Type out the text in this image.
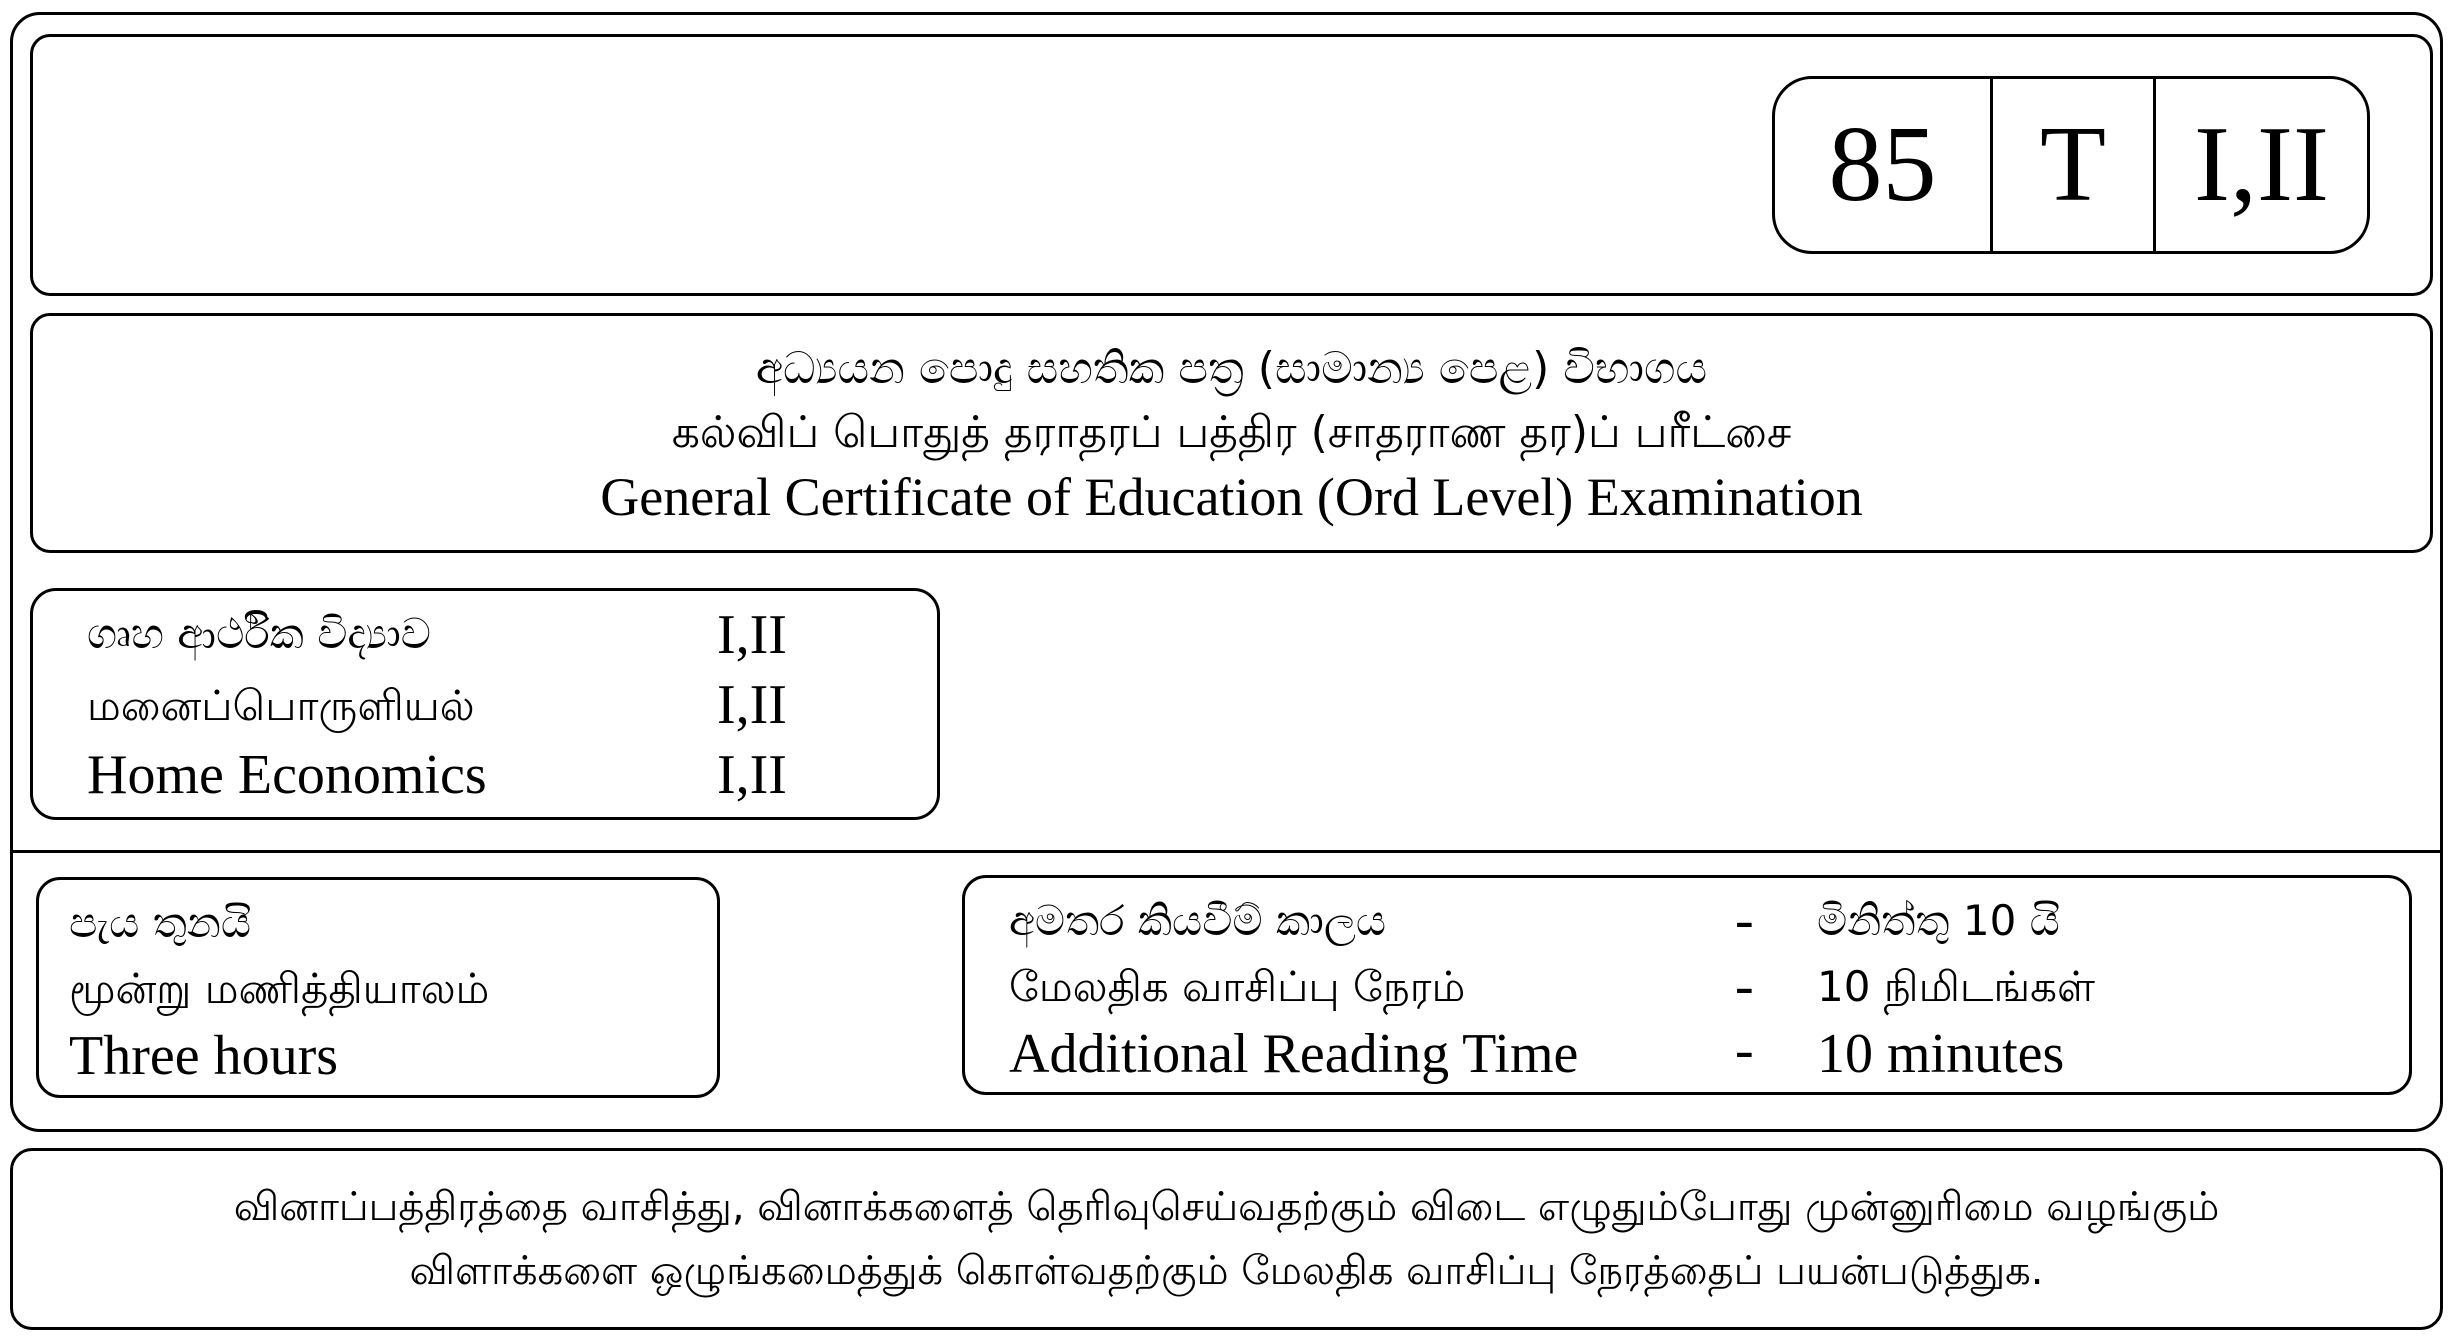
85 T I,II
අධ්‍යයන පොදු සහතික පත්‍ර (සාමාන්‍ය පෙළ) විභාගය
கல்விப் பொதுத் தராதரப் பத்திர (சாதராண தர)ப் பரீட்சை
General Certificate of Education (Ord Level) Examination
ගෘහ ආර්ථික විද්‍යාව	I,II
மனைப்பொருளியல்	I,II
Home Economics	I,II
පැය තුනයි
மூன்று மணித்தியாலம்
Three hours
අමතර කියවීම් කාලය	- මිනිත්තු 10 යි
மேலதிக வாசிப்பு நேரம்	- 10 நிமிடங்கள்
Additional Reading Time	- 10 minutes
வினாப்பத்திரத்தை வாசித்து, வினாக்களைத் தெரிவுசெய்வதற்கும் விடை எழுதும்போது முன்னுரிமை வழங்கும்
விளாக்களை ஒழுங்கமைத்துக் கொள்வதற்கும் மேலதிக வாசிப்பு நேரத்தைப் பயன்படுத்துக.
